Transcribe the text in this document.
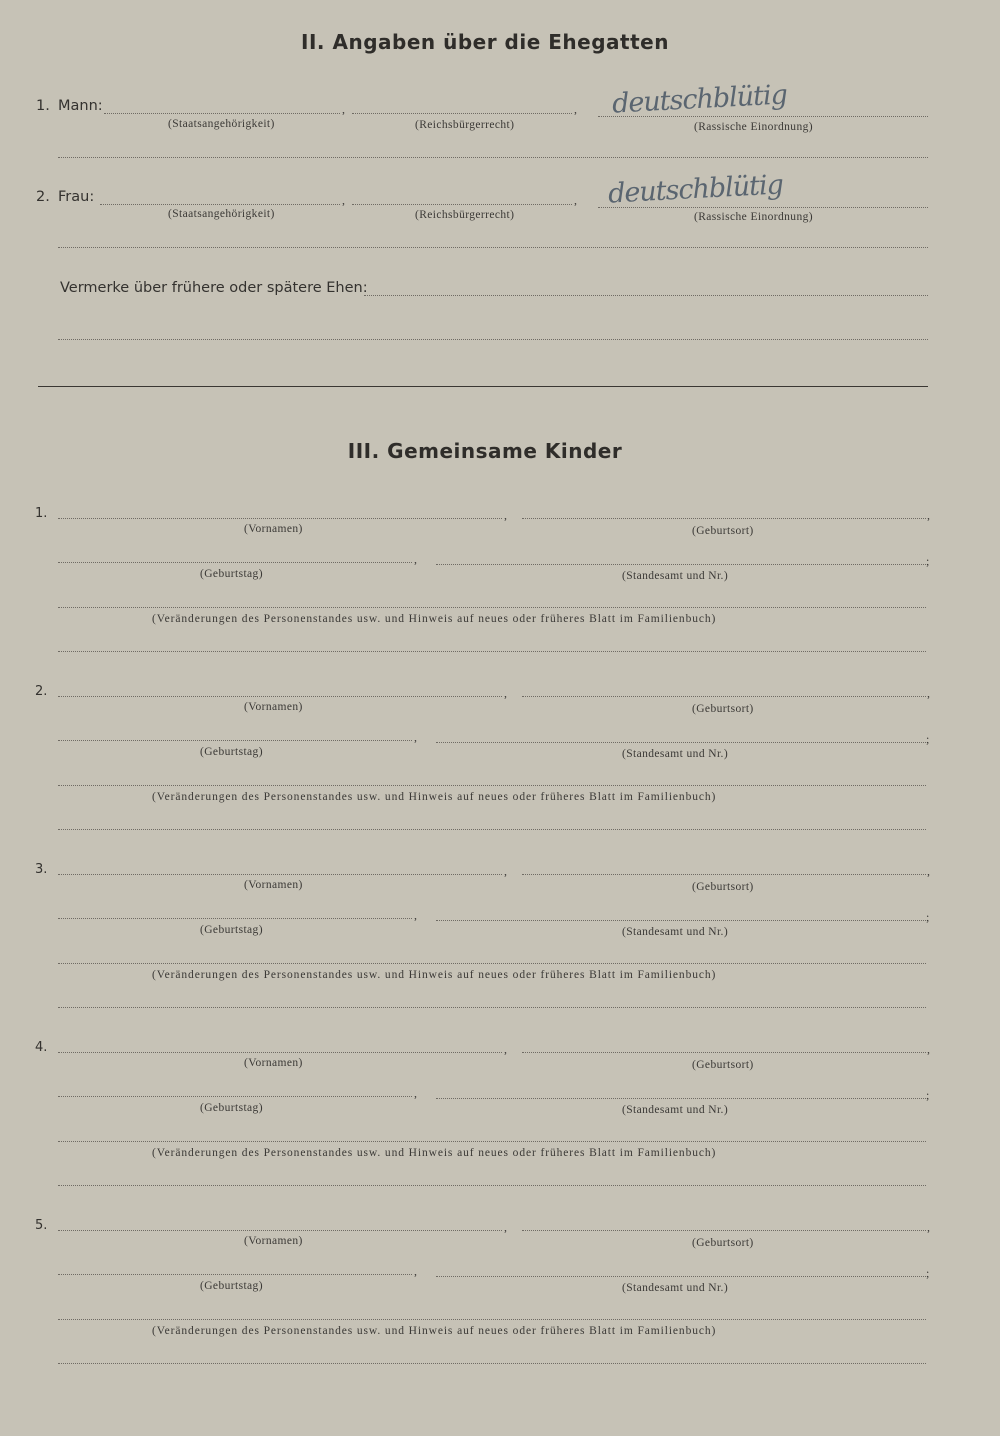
II. Angaben über die Ehegatten
1. Mann:	,	, deutschblütig
(Staatsangehörigkeit)	(Reichsbürgerrecht)	(Rassische Einordnung)
2. Frau:	,	, deutschblütig
(Staatsangehörigkeit)	(Reichsbürgerrecht)	(Rassische Einordnung)
Vermerke über frühere oder spätere Ehen:
III. Gemeinsame Kinder
1.	,	,
(Vornamen)	(Geburtsort)
,	;
(Geburtstag)	(Standesamt und Nr.)
(Veränderungen des Personenstandes usw. und Hinweis auf neues oder früheres Blatt im Familienbuch)
2.	,	,
(Vornamen)	(Geburtsort)
,	;
(Geburtstag)	(Standesamt und Nr.)
(Veränderungen des Personenstandes usw. und Hinweis auf neues oder früheres Blatt im Familienbuch)
3.	,	,
(Vornamen)	(Geburtsort)
,	;
(Geburtstag)	(Standesamt und Nr.)
(Veränderungen des Personenstandes usw. und Hinweis auf neues oder früheres Blatt im Familienbuch)
4.	,	,
(Vornamen)	(Geburtsort)
,	;
(Geburtstag)	(Standesamt und Nr.)
(Veränderungen des Personenstandes usw. und Hinweis auf neues oder früheres Blatt im Familienbuch)
5.	,	,
(Vornamen)	(Geburtsort)
,	;
(Geburtstag)	(Standesamt und Nr.)
(Veränderungen des Personenstandes usw. und Hinweis auf neues oder früheres Blatt im Familienbuch)
